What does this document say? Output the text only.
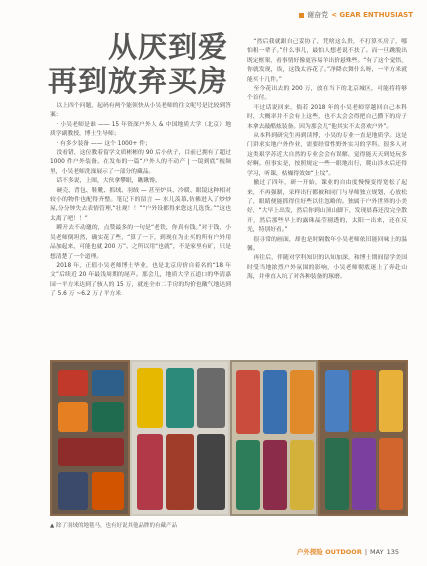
谢奋党 < GEAR ENTHUSIAST
从厌到爱
再到放弃买房

以上四个问题，起码有两个能领快从小吴老师的往文呢号是比较到答案：

· 小吴老师是谁 —— 15 年资深户外人 & 中国地质大学（北京）地质学副教授，博士生导师；

· 有多少装备 —— 这个 1000+ 件；

没看错，这位教着留学文质彬彬的 90 后小伙子，目前已拥有了超过 1000 件户外装备。在发布的一篇“户外人的不动产 | 一镜到底”视频里，小吴老师洗澡展示了一部分的藏品。

话不多说，上图，大伙拿攀眼，瞅瞅馋。

硬壳、背包、鞋靴、抓绒、羽绒 — 甚至炉具、冷暖、眼镜这种相对较小的物件也配得齐整。笔记下的留言 — 水儿羡慕,仿佛进入了炒炒屋,分分钟失去表情管理,“壮观！！”“户外设都得来您这儿选货。”“这也太离了吧！！”

瞬开去不动邀的，点赞最多的一句是“老铁，你真有钱。”对于钱，小吴老师倒坦然，确实花了些，“算了一下，到现在为止买的所有户外用品加起来，可能也就 200 万”。之所以用“也就”，不是家里有矿，只是想清楚了一个道理。

2018 年，正值小吴老师博士毕业，也是北京房价自着名的“18 年文”后续近 20 年最浅周期的尾声。那会儿，地质大学五道口的华清嘉园一平方米达到了骇人的 15 万，就连全市二手房的均价也徽气地达到了 5.6 万 ~6.2 万 / 平方米

“然后我就跟自己妥协了，凭啥这么贵，不打算买房了，哪怕租一辈子。”什么事儿，最怕人想老说不扶了。而一旦跳脱出既定框架，看事情好像更容易羊出价悬殊些。“有了这个觉悟，你就发现，诶，这钱太容花了。”净降衣舞什么呀，一平方米就能买十几件。”

至今花出去的 200 万，放在当下的北京城区，可能将将够个首付。

不过话说回来，倘若 2018 年的小吴老师穿越回自己本科时，大概率并不会有上这些，也不太会会得把自己攒下的房子本拿去敲酷炫装备。因为那会儿“他其实不太喜欢户外”。

从本科到研究生再到读博，小吴的专业一直是地质学。这是门讲求实地户外作业，需要经常性野外实习的学科。很多人对这类艰学苏近大自然的专业会会有误解，觉得能天天到处玩多好啊。但事实是，按照规定一些一眼地出行，爬山涉水后还得学习，听课，枯燥得效如“上坟”。

撤过了四年，研一开始，课业的自由度慢慢变得宽松了起来，不再强制，采样出行都被和同门与导师独立规划，心放松了，眼睛便能抓得住好些以往忽略的。独属于户外世界的小美好，“大早上出发，然后你到山顶山脚下，发现晨暮还没完全散开，然后那些早上的露珠晶莹剔透的，太阳一出来，还在反光，特别好看。”

很寻常的画面，却也是时隔数年小吴老师依旧能回味上的温馨。

再往后，伴随对学科知识的认知加深，和博士期间留学美国时受当地浓烈户外氛围的影响，小吴老师彻底迷上了奔赴山海，并垂直入坑了对各种装备的琢磨。

▲ 除了羽绒的地毯马，也有好说其他品牌的有藏产品
户外探险 OUTDOOR | MAY 135
